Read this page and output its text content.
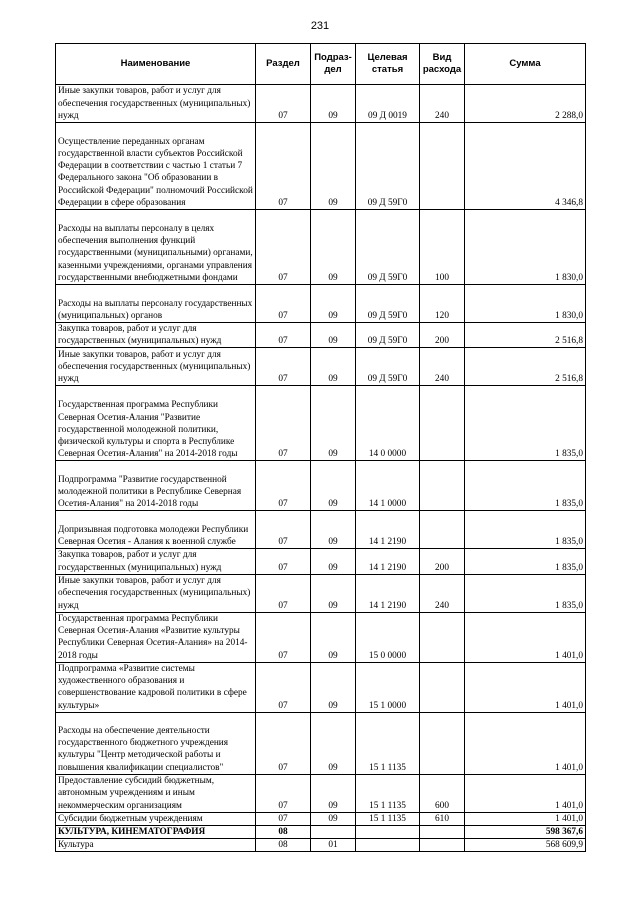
231
Наименование	Раздел	Подраз-дел	Целевая статья	Вид расхода	Сумма
Иные закупки товаров, работ и услуг для обеспечения государственных (муниципальных) нужд	07	09	09 Д 0019	240	2 288,0
Осуществление переданных органам государственной власти субъектов Российской Федерации в соответствии с частью 1 статьи 7 Федерального закона "Об образовании в Российской Федерации" полномочий Российской Федерации в сфере образования	07	09	09 Д 59Г0		4 346,8
Расходы на выплаты персоналу в целях обеспечения выполнения функций государственными (муниципальными) органами, казенными учреждениями, органами управления государственными внебюджетными фондами	07	09	09 Д 59Г0	100	1 830,0
Расходы на выплаты персоналу государственных (муниципальных) органов	07	09	09 Д 59Г0	120	1 830,0
Закупка товаров, работ и услуг для государственных (муниципальных) нужд	07	09	09 Д 59Г0	200	2 516,8
Иные закупки товаров, работ и услуг для обеспечения государственных (муниципальных) нужд	07	09	09 Д 59Г0	240	2 516,8
Государственная программа Республики Северная Осетия-Алания "Развитие государственной молодежной политики, физической культуры и спорта в Республике Северная Осетия-Алания" на 2014-2018 годы	07	09	14 0 0000		1 835,0
Подпрограмма "Развитие государственной молодежной политики в Республике Северная Осетия-Алания" на 2014-2018 годы	07	09	14 1 0000		1 835,0
Допризывная подготовка молодежи Республики Северная Осетия - Алания к военной службе	07	09	14 1 2190		1 835,0
Закупка товаров, работ и услуг для государственных (муниципальных) нужд	07	09	14 1 2190	200	1 835,0
Иные закупки товаров, работ и услуг для обеспечения государственных (муниципальных) нужд	07	09	14 1 2190	240	1 835,0
Государственная программа Республики Северная Осетия-Алания «Развитие культуры Республики Северная Осетия-Алания» на 2014-2018 годы	07	09	15 0 0000		1 401,0
Подпрограмма «Развитие системы художественного образования и совершенствование кадровой политики в сфере культуры»	07	09	15 1 0000		1 401,0
Расходы на обеспечение деятельности государственного бюджетного учреждения культуры "Центр методической работы и повышения квалификации специалистов"	07	09	15 1 1135		1 401,0
Предоставление субсидий бюджетным, автономным учреждениям и иным некоммерческим организациям	07	09	15 1 1135	600	1 401,0
Субсидии бюджетным учреждениям	07	09	15 1 1135	610	1 401,0
КУЛЬТУРА, КИНЕМАТОГРАФИЯ	08				598 367,6
Культура	08	01			568 609,9
